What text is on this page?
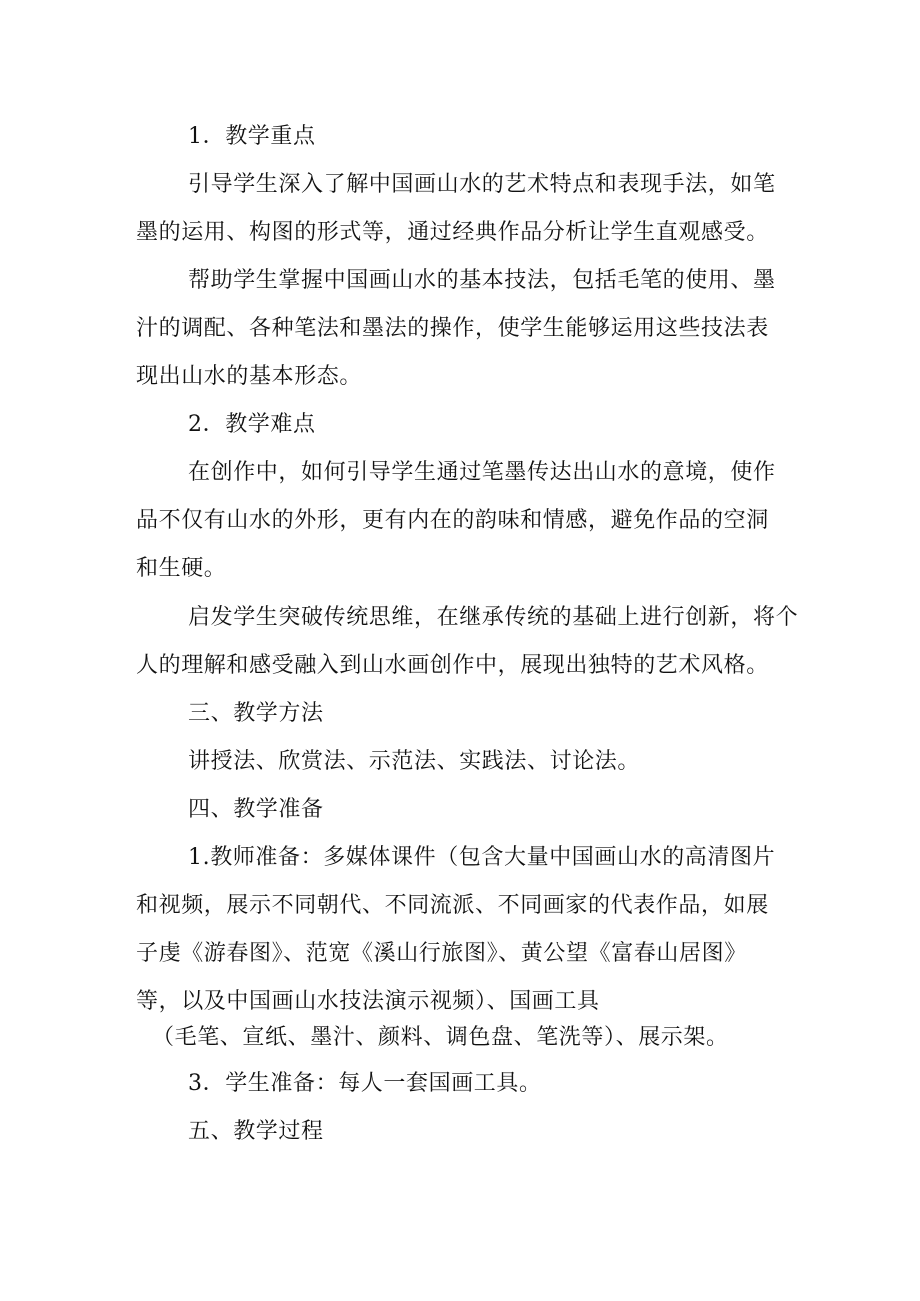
1．教学重点
引导学生深入了解中国画山水的艺术特点和表现手法，如笔
墨的运用、构图的形式等，通过经典作品分析让学生直观感受。
帮助学生掌握中国画山水的基本技法，包括毛笔的使用、墨
汁的调配、各种笔法和墨法的操作，使学生能够运用这些技法表
现出山水的基本形态。
2．教学难点
在创作中，如何引导学生通过笔墨传达出山水的意境，使作
品不仅有山水的外形，更有内在的韵味和情感，避免作品的空洞
和生硬。
启发学生突破传统思维，在继承传统的基础上进行创新，将个
人的理解和感受融入到山水画创作中，展现出独特的艺术风格。
三、教学方法
讲授法、欣赏法、示范法、实践法、讨论法。
四、教学准备
1.教师准备：多媒体课件（包含大量中国画山水的高清图片
和视频，展示不同朝代、不同流派、不同画家的代表作品，如展
子虔《游春图》、范宽《溪山行旅图》、黄公望《富春山居图》
等，以及中国画山水技法演示视频）、国画工具
（毛笔、宣纸、墨汁、颜料、调色盘、笔洗等）、展示架。
3．学生准备：每人一套国画工具。
五、教学过程
